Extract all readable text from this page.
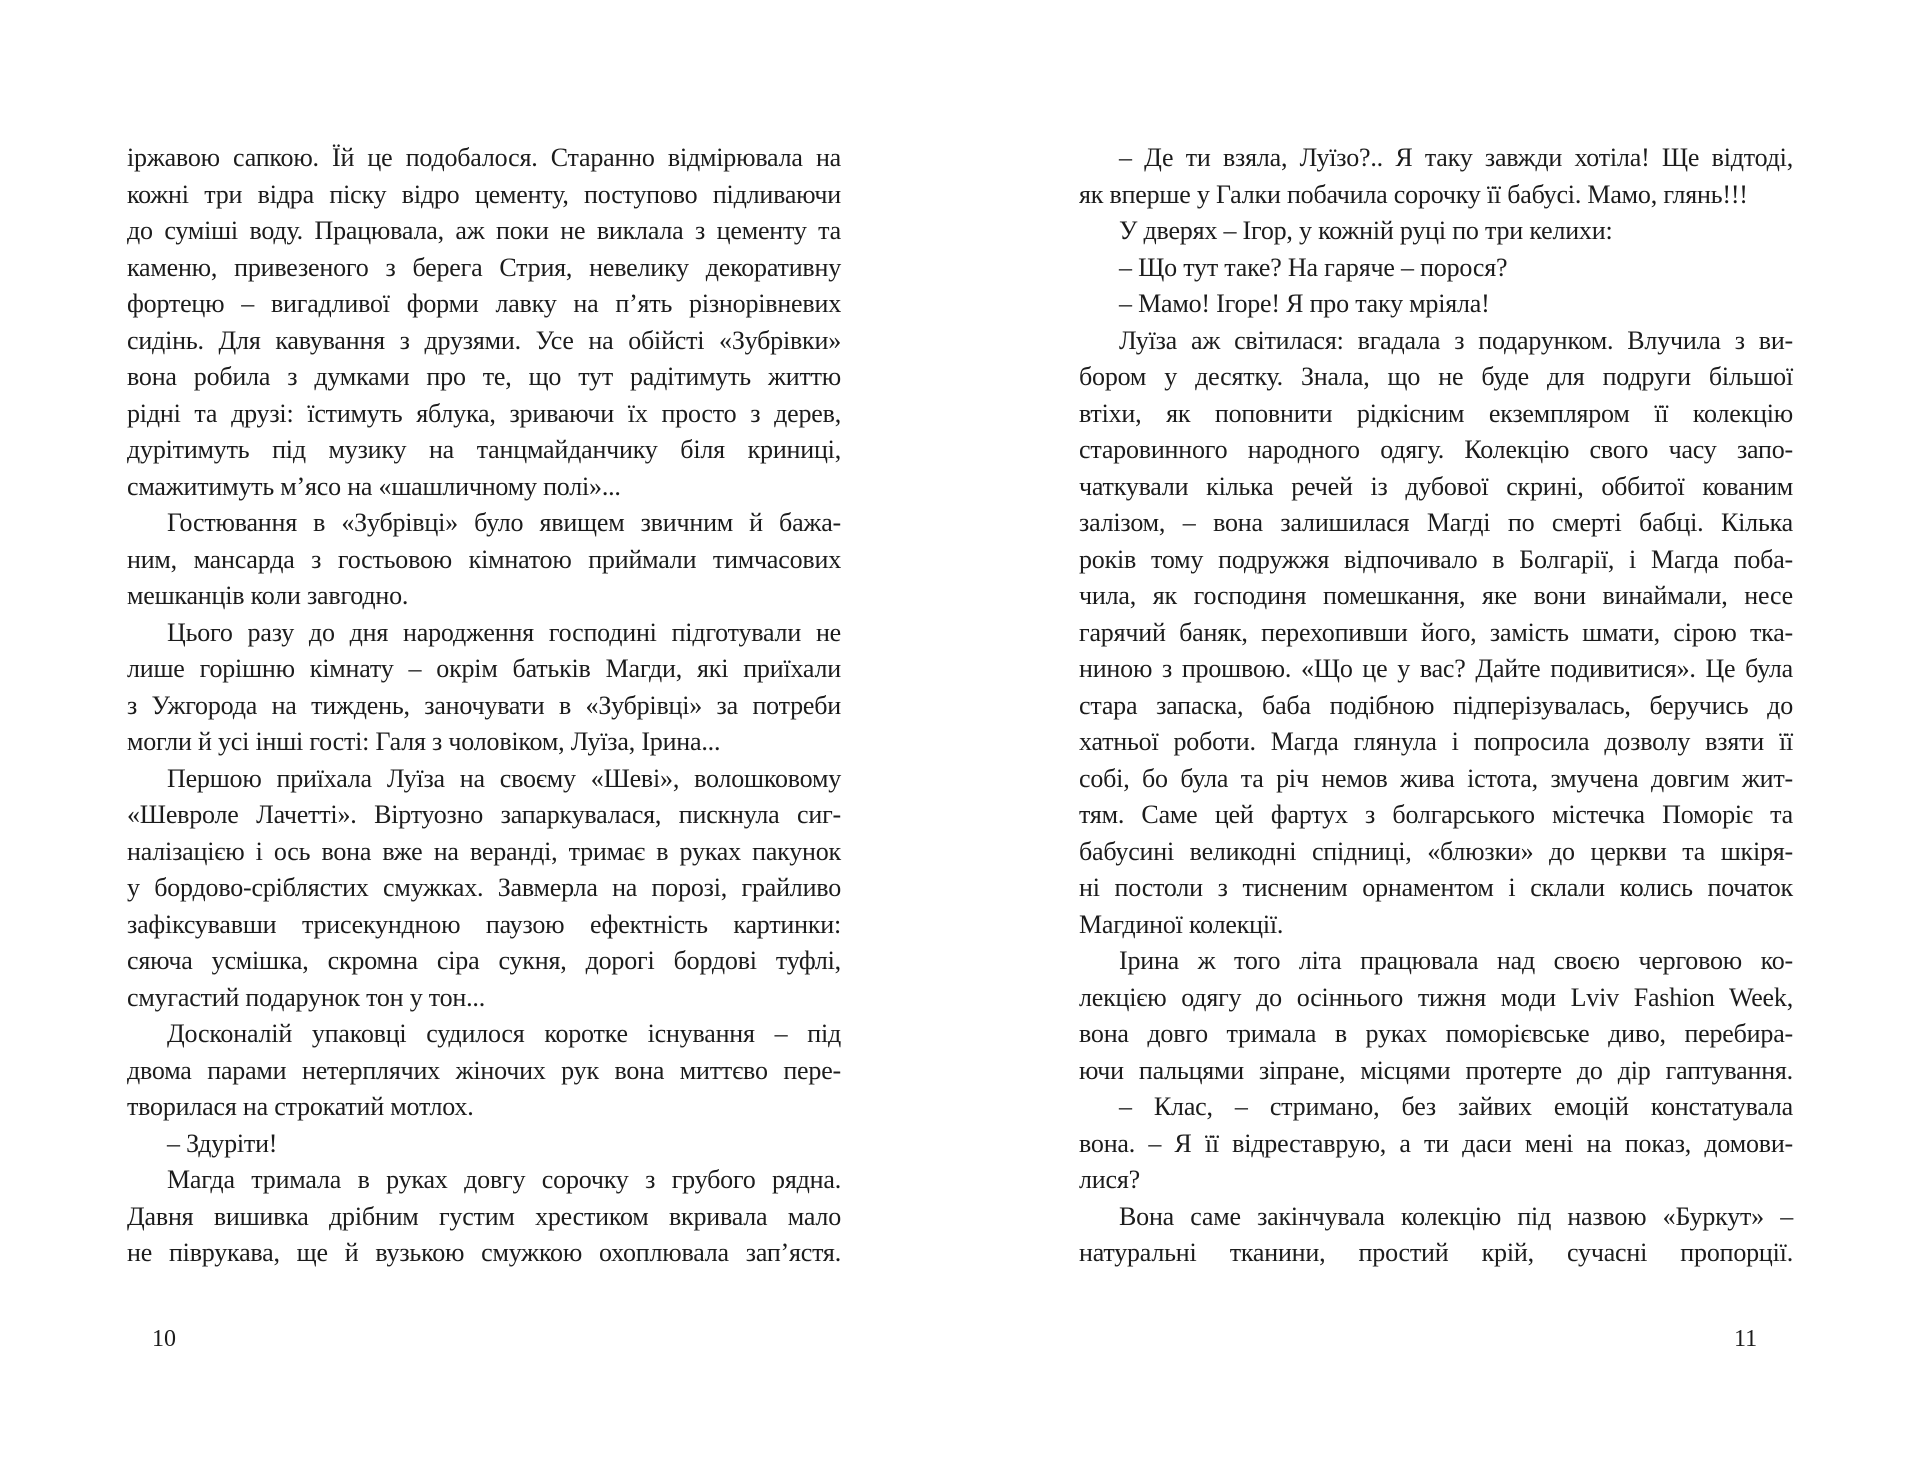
іржавою сапкою. Їй це подобалося. Старанно відмірювала на
кожні три відра піску відро цементу, поступово підливаючи
до суміші воду. Працювала, аж поки не виклала з цементу та
каменю, привезеного з берега Стрия, невелику декоративну
фортецю – вигадливої форми лавку на п’ять різнорівневих
сидінь. Для кавування з друзями. Усе на обійсті «Зубрівки»
вона робила з думками про те, що тут радітимуть життю
рідні та друзі: їстимуть яблука, зриваючи їх просто з дерев,
дурітимуть під музику на танцмайданчику біля криниці,
смажитимуть м’ясо на «шашличному полі»...
Гостювання в «Зубрівці» було явищем звичним й бажа-
ним, мансарда з гостьовою кімнатою приймали тимчасових
мешканців коли завгодно.
Цього разу до дня народження господині підготували не
лише горішню кімнату – окрім батьків Магди, які приїхали
з Ужгорода на тиждень, заночувати в «Зубрівці» за потреби
могли й усі інші гості: Галя з чоловіком, Луїза, Ірина...
Першою приїхала Луїза на своєму «Шеві», волошковому
«Шевроле Лачетті». Віртуозно запаркувалася, пискнула сиг-
налізацією і ось вона вже на веранді, тримає в руках пакунок
у бордово-сріблястих смужках. Завмерла на порозі, грайливо
зафіксувавши трисекундною паузою ефектність картинки:
сяюча усмішка, скромна сіра сукня, дорогі бордові туфлі,
смугастий подарунок тон у тон...
Досконалій упаковці судилося коротке існування – під
двома парами нетерплячих жіночих рук вона миттєво пере-
творилася на строкатий мотлох.
– Здуріти!
Магда тримала в руках довгу сорочку з грубого рядна.
Давня вишивка дрібним густим хрестиком вкривала мало
не піврукава, ще й вузькою смужкою охоплювала зап’ястя.
10	11
– Де ти взяла, Луїзо?.. Я таку завжди хотіла! Ще відтоді,
як вперше у Галки побачила сорочку її бабусі. Мамо, глянь!!!
У дверях – Ігор, у кожній руці по три келихи:
– Що тут таке? На гаряче – порося?
– Мамо! Ігоре! Я про таку мріяла!
Луїза аж світилася: вгадала з подарунком. Влучила з ви-
бором у десятку. Знала, що не буде для подруги більшої
втіхи, як поповнити рідкісним екземпляром її колекцію
старовинного народного одягу. Колекцію свого часу запо-
чаткували кілька речей із дубової скрині, оббитої кованим
залізом, – вона залишилася Магді по смерті бабці. Кілька
років тому подружжя відпочивало в Болгарії, і Магда поба-
чила, як господиня помешкання, яке вони винаймали, несе
гарячий баняк, перехопивши його, замість шмати, сірою тка-
ниною з прошвою. «Що це у вас? Дайте подивитися». Це була
стара запаска, баба подібною підперізувалась, беручись до
хатньої роботи. Магда глянула і попросила дозволу взяти її
собі, бо була та річ немов жива істота, змучена довгим жит-
тям. Саме цей фартух з болгарського містечка Поморіє та
бабусині великодні спідниці, «блюзки» до церкви та шкіря-
ні постоли з тисненим орнаментом і склали колись початок
Магдиної колекції.
Ірина ж того літа працювала над своєю черговою ко-
лекцією одягу до осіннього тижня моди Lviv Fashion Week,
вона довго тримала в руках поморієвське диво, перебира-
ючи пальцями зіпране, місцями протерте до дір гаптування.
– Клас, – стримано, без зайвих емоцій констатувала
вона. – Я її відреставрую, а ти даси мені на показ, домови-
лися?
Вона саме закінчувала колекцію під назвою «Буркут» –
натуральні тканини, простий крій, сучасні пропорції.
